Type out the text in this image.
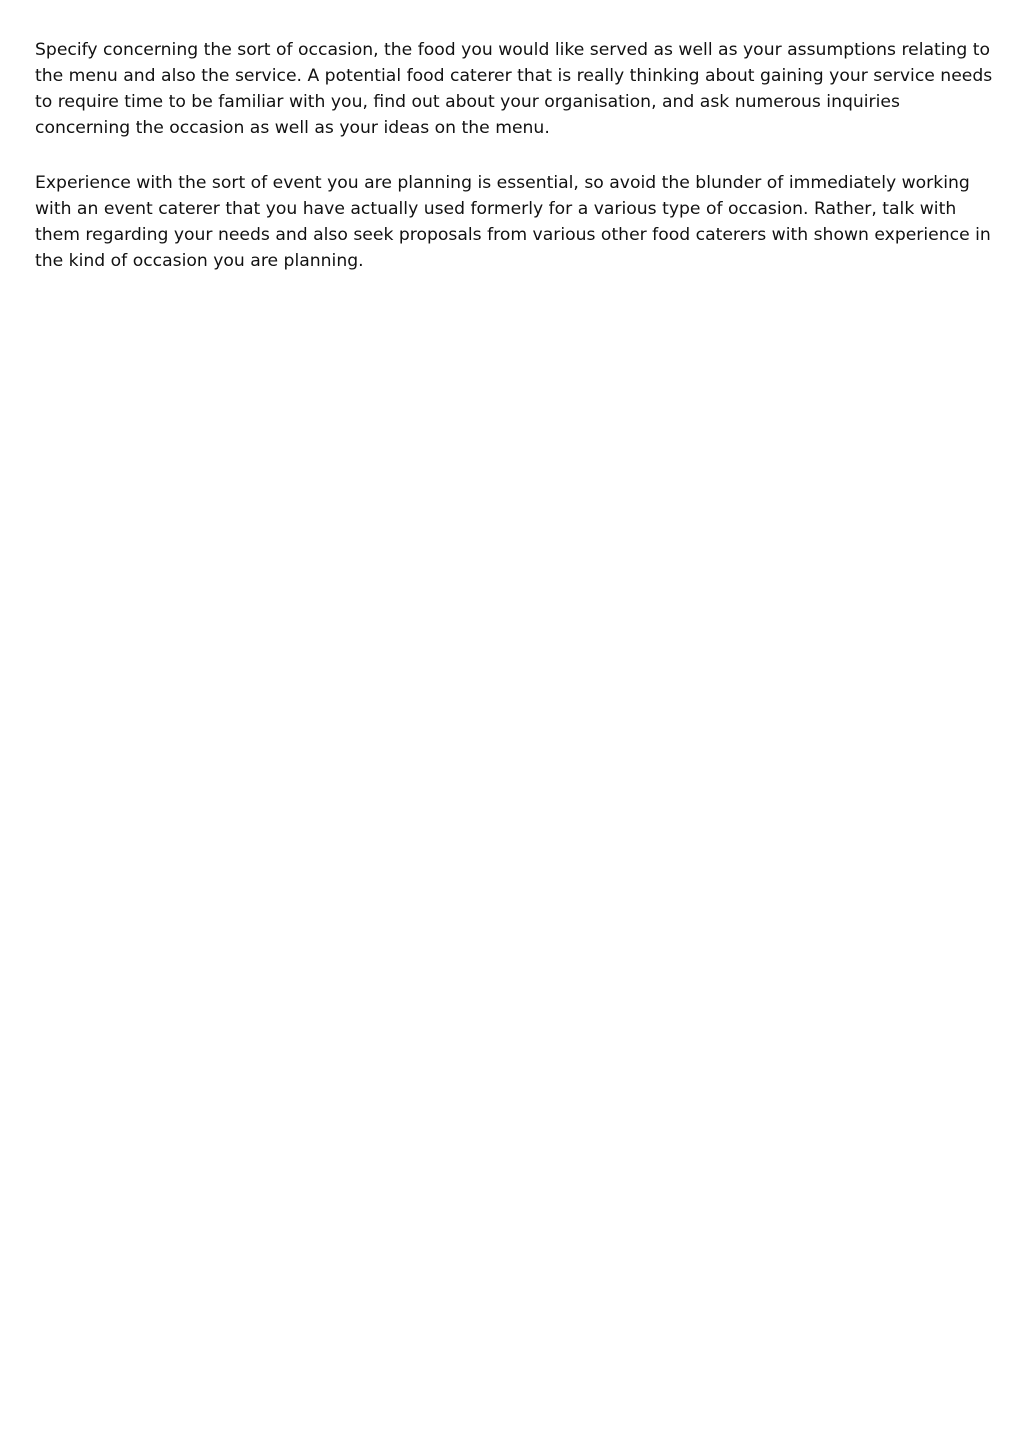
Specify concerning the sort of occasion, the food you would like served as well as your assumptions relating to the menu and also the service. A potential food caterer that is really thinking about gaining your service needs to require time to be familiar with you, find out about your organisation, and ask numerous inquiries concerning the occasion as well as your ideas on the menu.

Experience with the sort of event you are planning is essential, so avoid the blunder of immediately working with an event caterer that you have actually used formerly for a various type of occasion. Rather, talk with them regarding your needs and also seek proposals from various other food caterers with shown experience in the kind of occasion you are planning.
